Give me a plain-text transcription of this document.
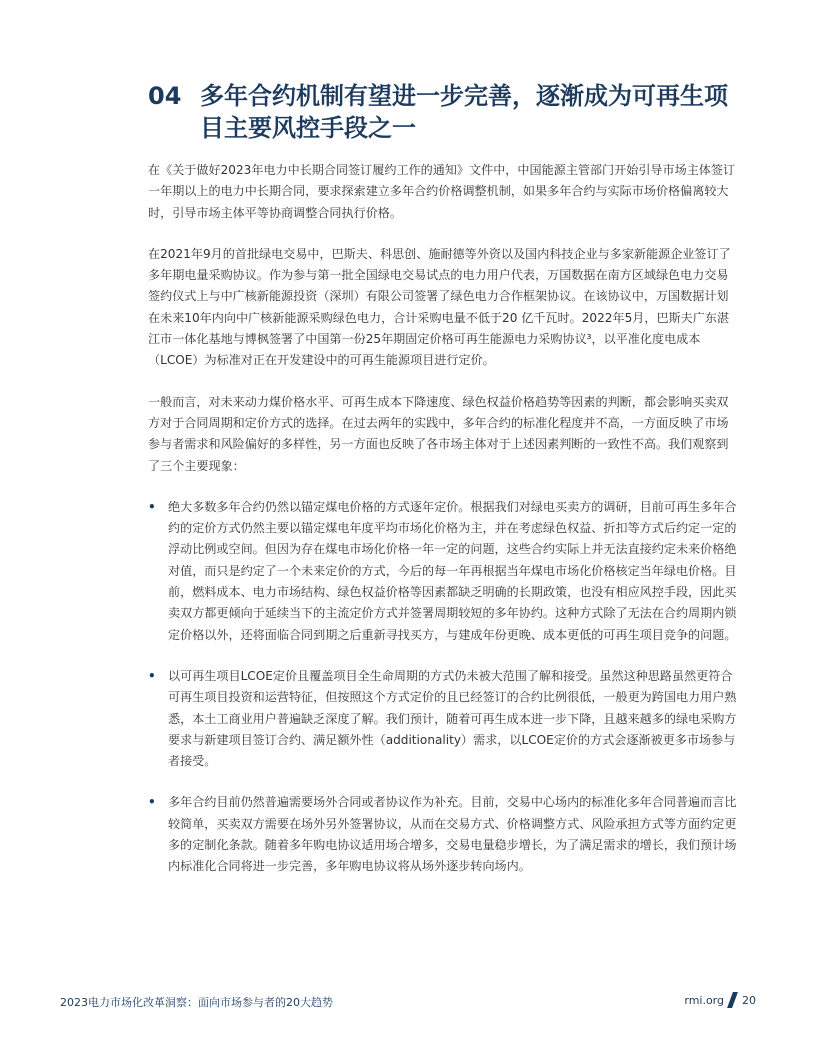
04 多年合约机制有望进一步完善，逐渐成为可再生项目主要风控手段之一

在《关于做好2023年电力中长期合同签订履约工作的通知》文件中，中国能源主管部门开始引导市场主体签订一年期以上的电力中长期合同，要求探索建立多年合约价格调整机制，如果多年合约与实际市场价格偏离较大时，引导市场主体平等协商调整合同执行价格。

在2021年9月的首批绿电交易中，巴斯夫、科思创、施耐德等外资以及国内科技企业与多家新能源企业签订了多年期电量采购协议。作为参与第一批全国绿电交易试点的电力用户代表，万国数据在南方区域绿色电力交易签约仪式上与中广核新能源投资（深圳）有限公司签署了绿色电力合作框架协议。在该协议中，万国数据计划在未来10年内向中广核新能源采购绿色电力，合计采购电量不低于20 亿千瓦时。2022年5月，巴斯夫广东湛江市一体化基地与博枫签署了中国第一份25年期固定价格可再生能源电力采购协议³，以平准化度电成本（LCOE）为标准对正在开发建设中的可再生能源项目进行定价。

一般而言，对未来动力煤价格水平、可再生成本下降速度、绿色权益价格趋势等因素的判断，都会影响买卖双方对于合同周期和定价方式的选择。在过去两年的实践中，多年合约的标准化程度并不高，一方面反映了市场参与者需求和风险偏好的多样性，另一方面也反映了各市场主体对于上述因素判断的一致性不高。我们观察到了三个主要现象：

• 绝大多数多年合约仍然以锚定煤电价格的方式逐年定价。根据我们对绿电买卖方的调研，目前可再生多年合约的定价方式仍然主要以锚定煤电年度平均市场化价格为主，并在考虑绿色权益、折扣等方式后约定一定的浮动比例或空间。但因为存在煤电市场化价格一年一定的问题，这些合约实际上并无法直接约定未来价格绝对值，而只是约定了一个未来定价的方式，今后的每一年再根据当年煤电市场化价格核定当年绿电价格。目前，燃料成本、电力市场结构、绿色权益价格等因素都缺乏明确的长期政策，也没有相应风控手段，因此买卖双方都更倾向于延续当下的主流定价方式并签署周期较短的多年协约。这种方式除了无法在合约周期内锁定价格以外，还将面临合同到期之后重新寻找买方，与建成年份更晚、成本更低的可再生项目竞争的问题。
• 以可再生项目LCOE定价且覆盖项目全生命周期的方式仍未被大范围了解和接受。虽然这种思路虽然更符合可再生项目投资和运营特征，但按照这个方式定价的且已经签订的合约比例很低，一般更为跨国电力用户熟悉，本土工商业用户普遍缺乏深度了解。我们预计，随着可再生成本进一步下降，且越来越多的绿电采购方要求与新建项目签订合约、满足额外性（additionality）需求，以LCOE定价的方式会逐渐被更多市场参与者接受。
• 多年合约目前仍然普遍需要场外合同或者协议作为补充。目前，交易中心场内的标准化多年合同普遍而言比较简单，买卖双方需要在场外另外签署协议，从而在交易方式、价格调整方式、风险承担方式等方面约定更多的定制化条款。随着多年购电协议适用场合增多，交易电量稳步增长，为了满足需求的增长，我们预计场内标准化合同将进一步完善，多年购电协议将从场外逐步转向场内。
2023电力市场化改革洞察：面向市场参与者的20大趋势	rmi.org 20
